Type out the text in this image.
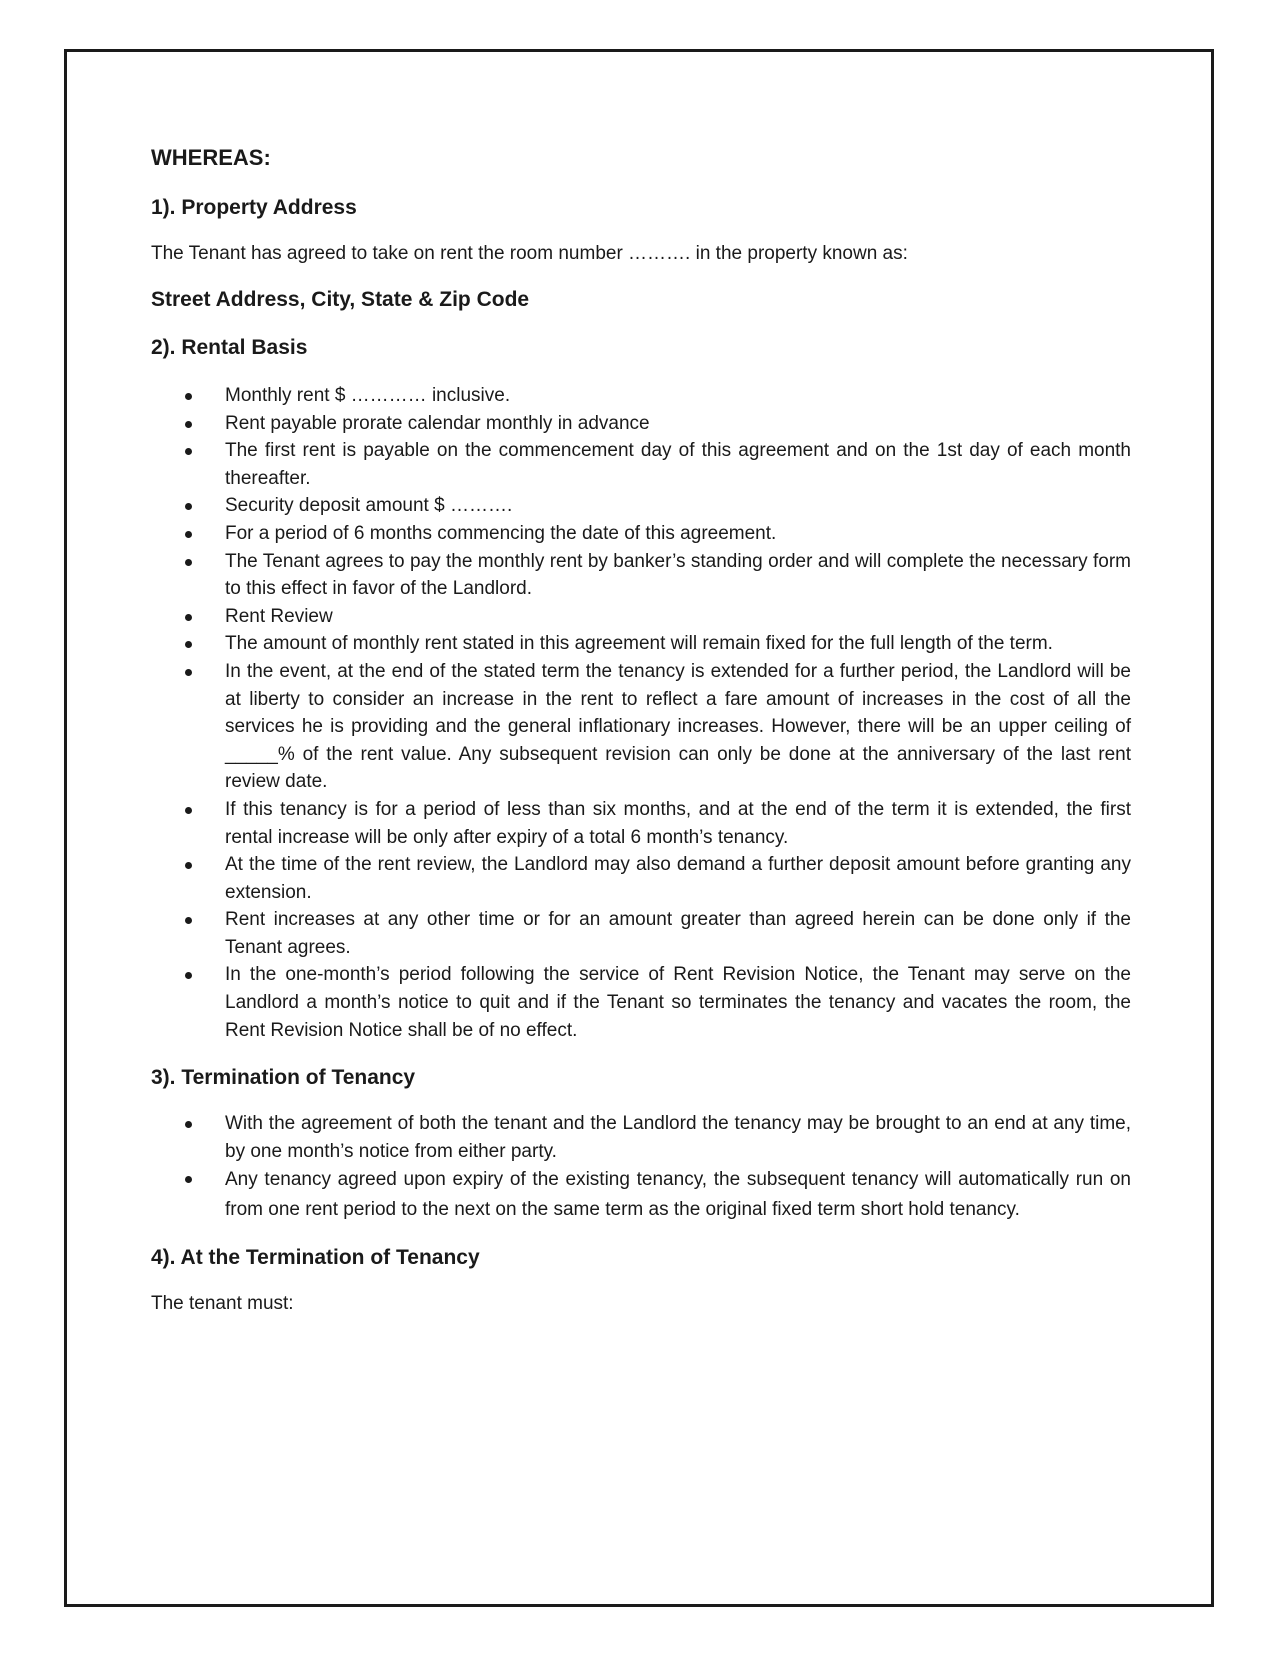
WHEREAS:

1). Property Address

The Tenant has agreed to take on rent the room number ………. in the property known as:

Street Address, City, State & Zip Code

2). Rental Basis

Monthly rent $ ………… inclusive.
Rent payable prorate calendar monthly in advance
The first rent is payable on the commencement day of this agreement and on the 1st day of each month thereafter.
Security deposit amount $ ……….
For a period of 6 months commencing the date of this agreement.
The Tenant agrees to pay the monthly rent by banker’s standing order and will complete the necessary form to this effect in favor of the Landlord.
Rent Review
The amount of monthly rent stated in this agreement will remain fixed for the full length of the term.
In the event, at the end of the stated term the tenancy is extended for a further period, the Landlord will be at liberty to consider an increase in the rent to reflect a fare amount of increases in the cost of all the services he is providing and the general inflationary increases. However, there will be an upper ceiling of _____% of the rent value. Any subsequent revision can only be done at the anniversary of the last rent review date.
If this tenancy is for a period of less than six months, and at the end of the term it is extended, the first rental increase will be only after expiry of a total 6 month’s tenancy.
At the time of the rent review, the Landlord may also demand a further deposit amount before granting any extension.
Rent increases at any other time or for an amount greater than agreed herein can be done only if the Tenant agrees.
In the one-month’s period following the service of Rent Revision Notice, the Tenant may serve on the Landlord a month’s notice to quit and if the Tenant so terminates the tenancy and vacates the room, the Rent Revision Notice shall be of no effect.

3). Termination of Tenancy

With the agreement of both the tenant and the Landlord the tenancy may be brought to an end at any time, by one month’s notice from either party.
Any tenancy agreed upon expiry of the existing tenancy, the subsequent tenancy will automatically run on from one rent period to the next on the same term as the original fixed term short hold tenancy.

4). At the Termination of Tenancy

The tenant must:
